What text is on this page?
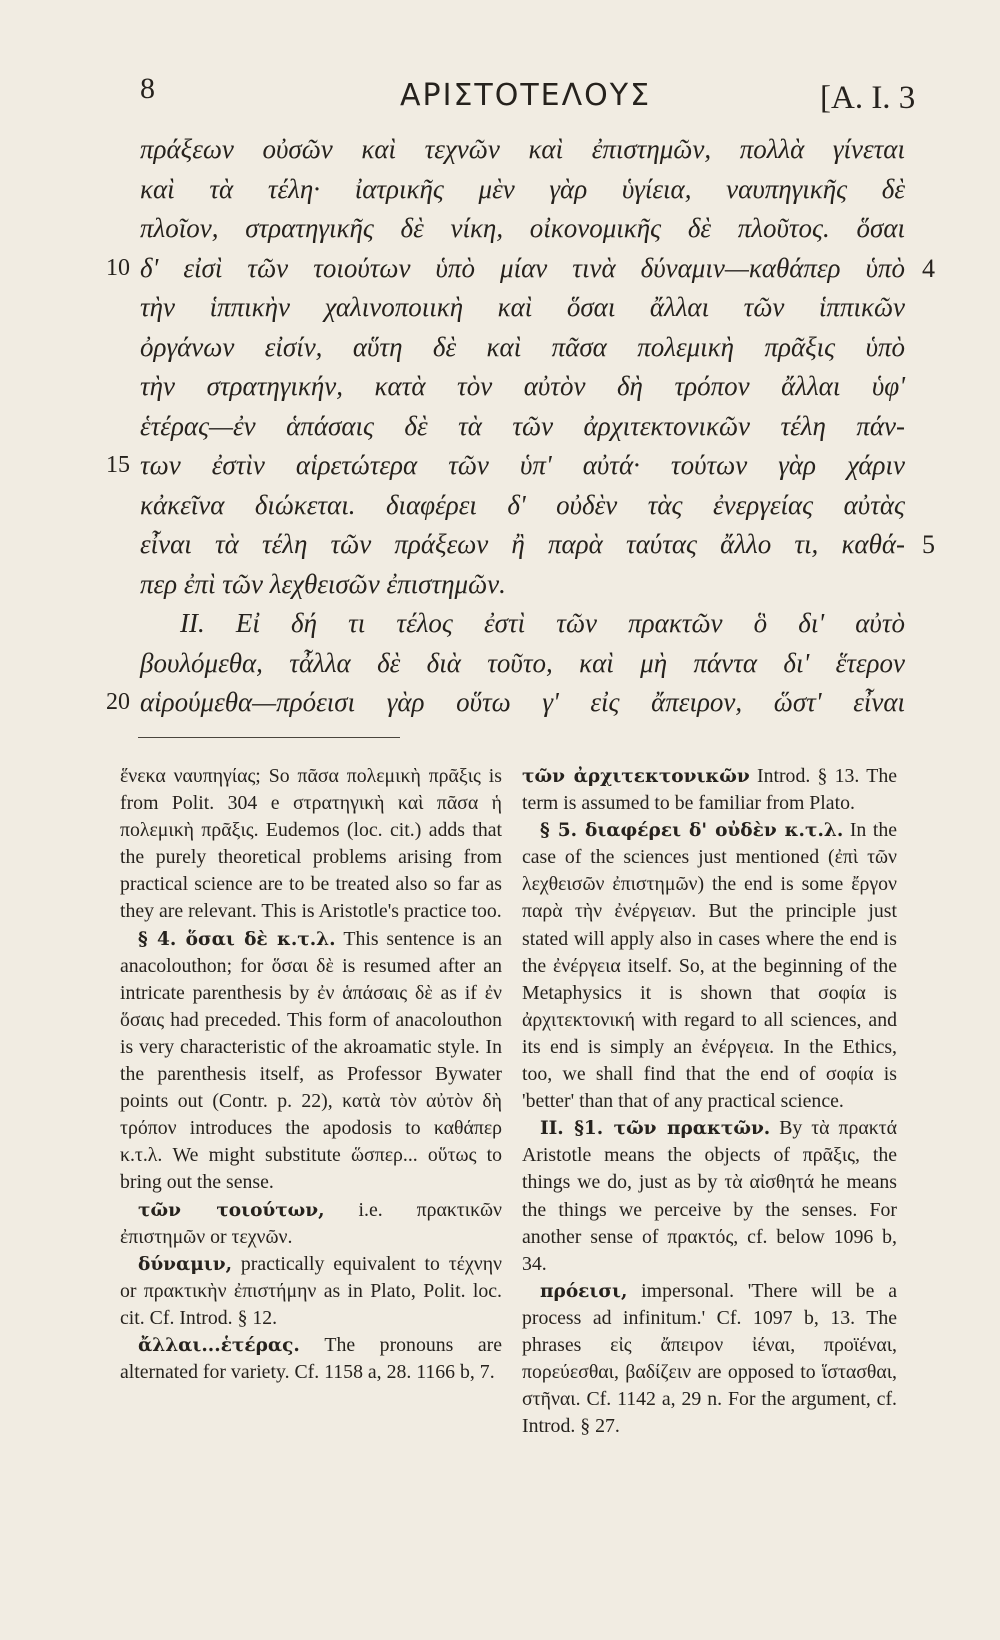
8	ΑΡΙΣΤΟΤΕΛΟΥΣ	[A. I. 3
πράξεων οὐσῶν καὶ τεχνῶν καὶ ἐπιστημῶν, πολλὰ γίνεται
καὶ τὰ τέλη· ἰατρικῆς μὲν γὰρ ὑγίεια, ναυπηγικῆς δὲ
πλοῖον, στρατηγικῆς δὲ νίκη, οἰκονομικῆς δὲ πλοῦτος. ὅσαι
4
10 δ' εἰσὶ τῶν τοιούτων ὑπὸ μίαν τινὰ δύναμιν—καθάπερ ὑπὸ
τὴν ἱππικὴν χαλινοποιικὴ καὶ ὅσαι ἄλλαι τῶν ἱππικῶν
ὀργάνων εἰσίν, αὕτη δὲ καὶ πᾶσα πολεμικὴ πρᾶξις ὑπὸ
τὴν στρατηγικήν, κατὰ τὸν αὐτὸν δὴ τρόπον ἄλλαι ὑφ'
ἑτέρας—ἐν ἁπάσαις δὲ τὰ τῶν ἀρχιτεκτονικῶν τέλη πάν-
15 των ἐστὶν αἱρετώτερα τῶν ὑπ' αὐτά· τούτων γὰρ χάριν
κἀκεῖνα διώκεται. διαφέρει δ' οὐδὲν τὰς ἐνεργείας αὐτὰς
5
εἶναι τὰ τέλη τῶν πράξεων ἢ παρὰ ταύτας ἄλλο τι, καθά-
περ ἐπὶ τῶν λεχθεισῶν ἐπιστημῶν.
II. Εἰ δή τι τέλος ἐστὶ τῶν πρακτῶν ὃ δι' αὐτὸ
βουλόμεθα, τἆλλα δὲ διὰ τοῦτο, καὶ μὴ πάντα δι' ἕτερον
20 αἱρούμεθα—πρόεισι γὰρ οὕτω γ' εἰς ἄπειρον, ὥστ' εἶναι

ἕνεκα ναυπηγίας; So πᾶσα πολεμικὴ πρᾶξις is from Polit. 304 e στρατηγικὴ καὶ πᾶσα ἡ πολεμικὴ πρᾶξις. Eudemos (loc. cit.) adds that the purely theoretical problems arising from practical science are to be treated also so far as they are relevant. This is Aristotle's practice too.

§ 4. ὅσαι δὲ κ.τ.λ. This sentence is an anacolouthon; for ὅσαι δὲ is resumed after an intricate parenthesis by ἐν ἁπάσαις δὲ as if ἐν ὅσαις had preceded. This form of anacolouthon is very characteristic of the akroamatic style. In the parenthesis itself, as Professor Bywater points out (Contr. p. 22), κατὰ τὸν αὐτὸν δὴ τρόπον introduces the apodosis to καθάπερ κ.τ.λ. We might substitute ὥσπερ... οὕτως to bring out the sense.

τῶν τοιούτων, i.e. πρακτικῶν ἐπιστημῶν or τεχνῶν.

δύναμιν, practically equivalent to τέχνην or πρακτικὴν ἐπιστήμην as in Plato, Polit. loc. cit. Cf. Introd. § 12.

ἄλλαι...ἑτέρας. The pronouns are alternated for variety. Cf. 1158 a, 28. 1166 b, 7.

τῶν ἀρχιτεκτονικῶν Introd. § 13. The term is assumed to be familiar from Plato.

§ 5. διαφέρει δ' οὐδὲν κ.τ.λ. In the case of the sciences just mentioned (ἐπὶ τῶν λεχθεισῶν ἐπιστημῶν) the end is some ἔργον παρὰ τὴν ἐνέργειαν. But the principle just stated will apply also in cases where the end is the ἐνέργεια itself. So, at the beginning of the Metaphysics it is shown that σοφία is ἀρχιτεκτονική with regard to all sciences, and its end is simply an ἐνέργεια. In the Ethics, too, we shall find that the end of σοφία is 'better' than that of any practical science.

II. §1. τῶν πρακτῶν. By τὰ πρακτά Aristotle means the objects of πρᾶξις, the things we do, just as by τὰ αἰσθητά he means the things we perceive by the senses. For another sense of πρακτός, cf. below 1096 b, 34.

πρόεισι, impersonal. 'There will be a process ad infinitum.' Cf. 1097 b, 13. The phrases εἰς ἄπειρον ἰέναι, προϊέναι, πορεύεσθαι, βαδίζειν are opposed to ἵστασθαι, στῆναι. Cf. 1142 a, 29 n. For the argument, cf. Introd. § 27.
